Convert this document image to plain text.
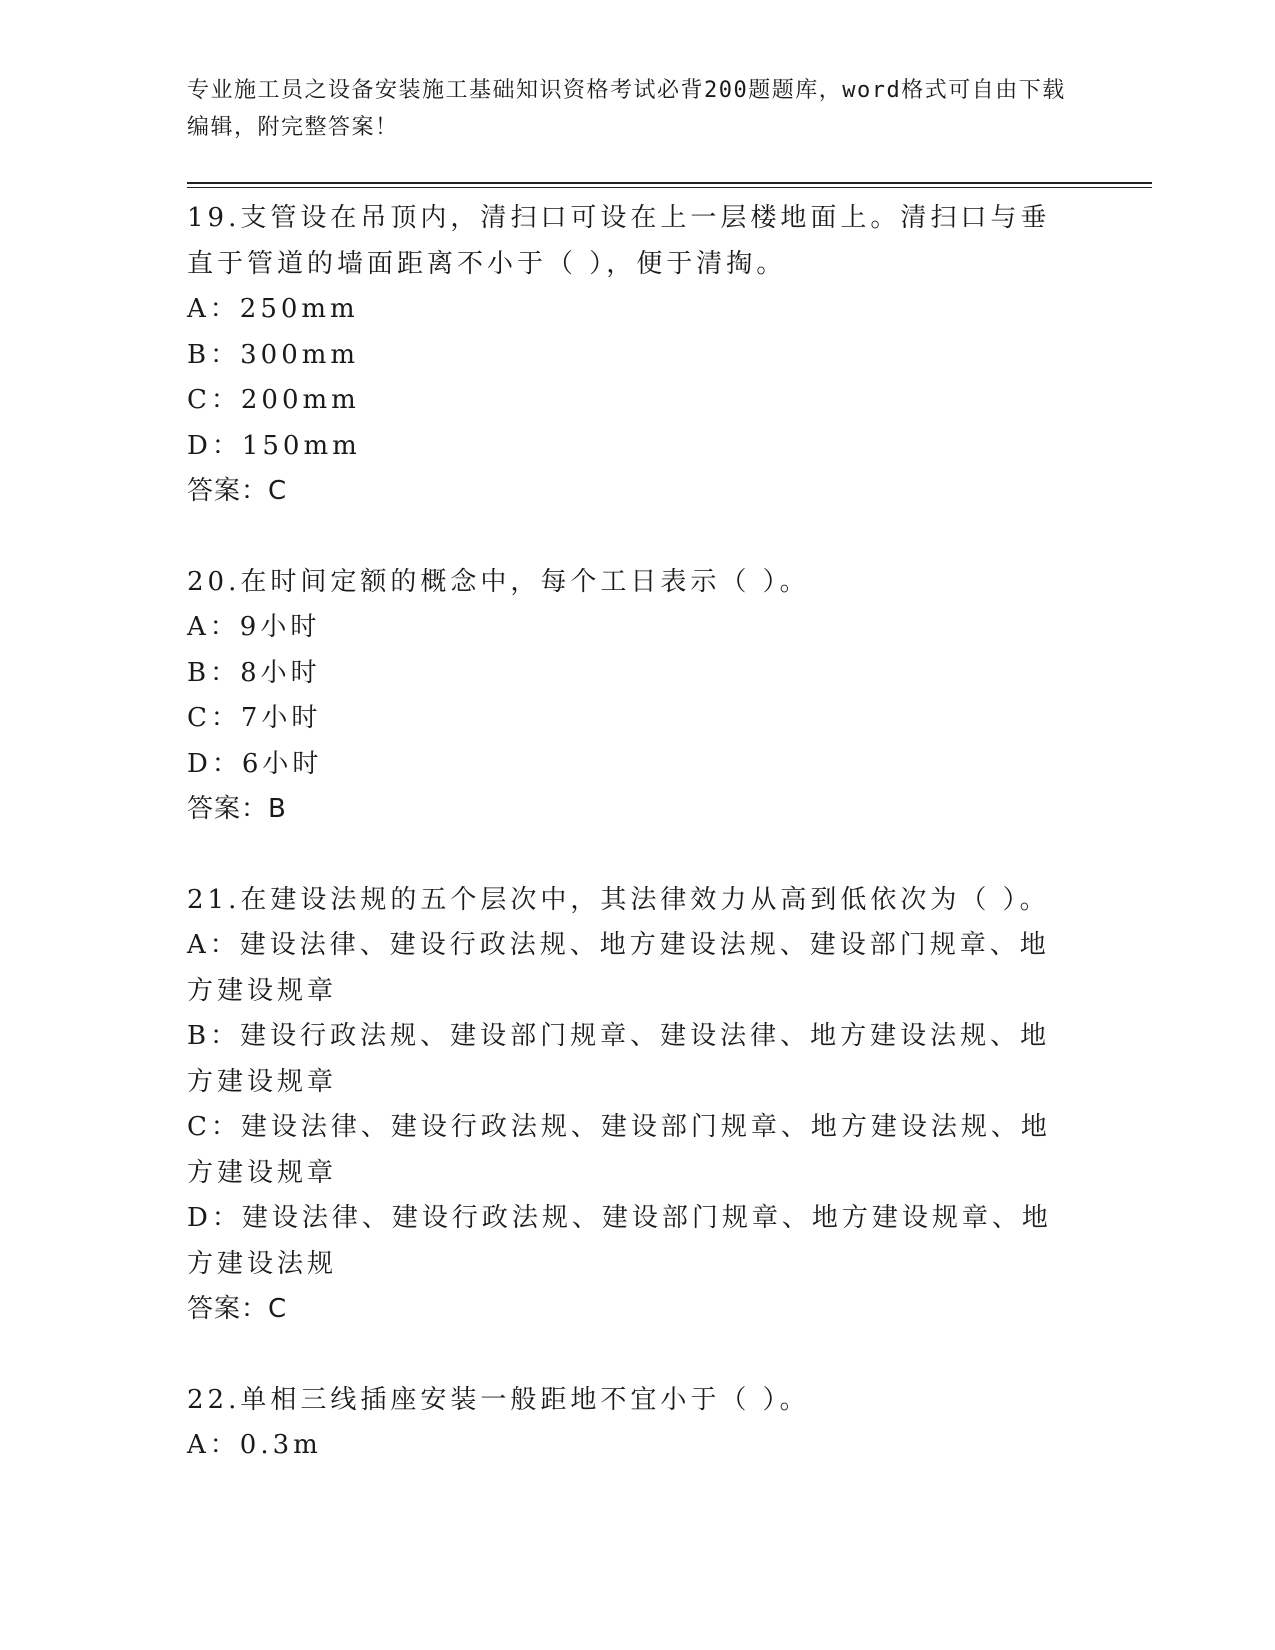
专业施工员之设备安装施工基础知识资格考试必背200题题库，word格式可自由下载编辑，附完整答案！
19.支管设在吊顶内，清扫口可设在上一层楼地面上。清扫口与垂直于管道的墙面距离不小于（ ），便于清掏。
A：250mm
B：300mm
C：200mm
D：150mm
答案：C
20.在时间定额的概念中，每个工日表示（ ）。
A：9小时
B：8小时
C：7小时
D：6小时
答案：B
21.在建设法规的五个层次中，其法律效力从高到低依次为（ ）。
A：建设法律、建设行政法规、地方建设法规、建设部门规章、地方建设规章
B：建设行政法规、建设部门规章、建设法律、地方建设法规、地方建设规章
C：建设法律、建设行政法规、建设部门规章、地方建设法规、地方建设规章
D：建设法律、建设行政法规、建设部门规章、地方建设规章、地方建设法规
答案：C
22.单相三线插座安装一般距地不宜小于（ ）。
A：0.3m
